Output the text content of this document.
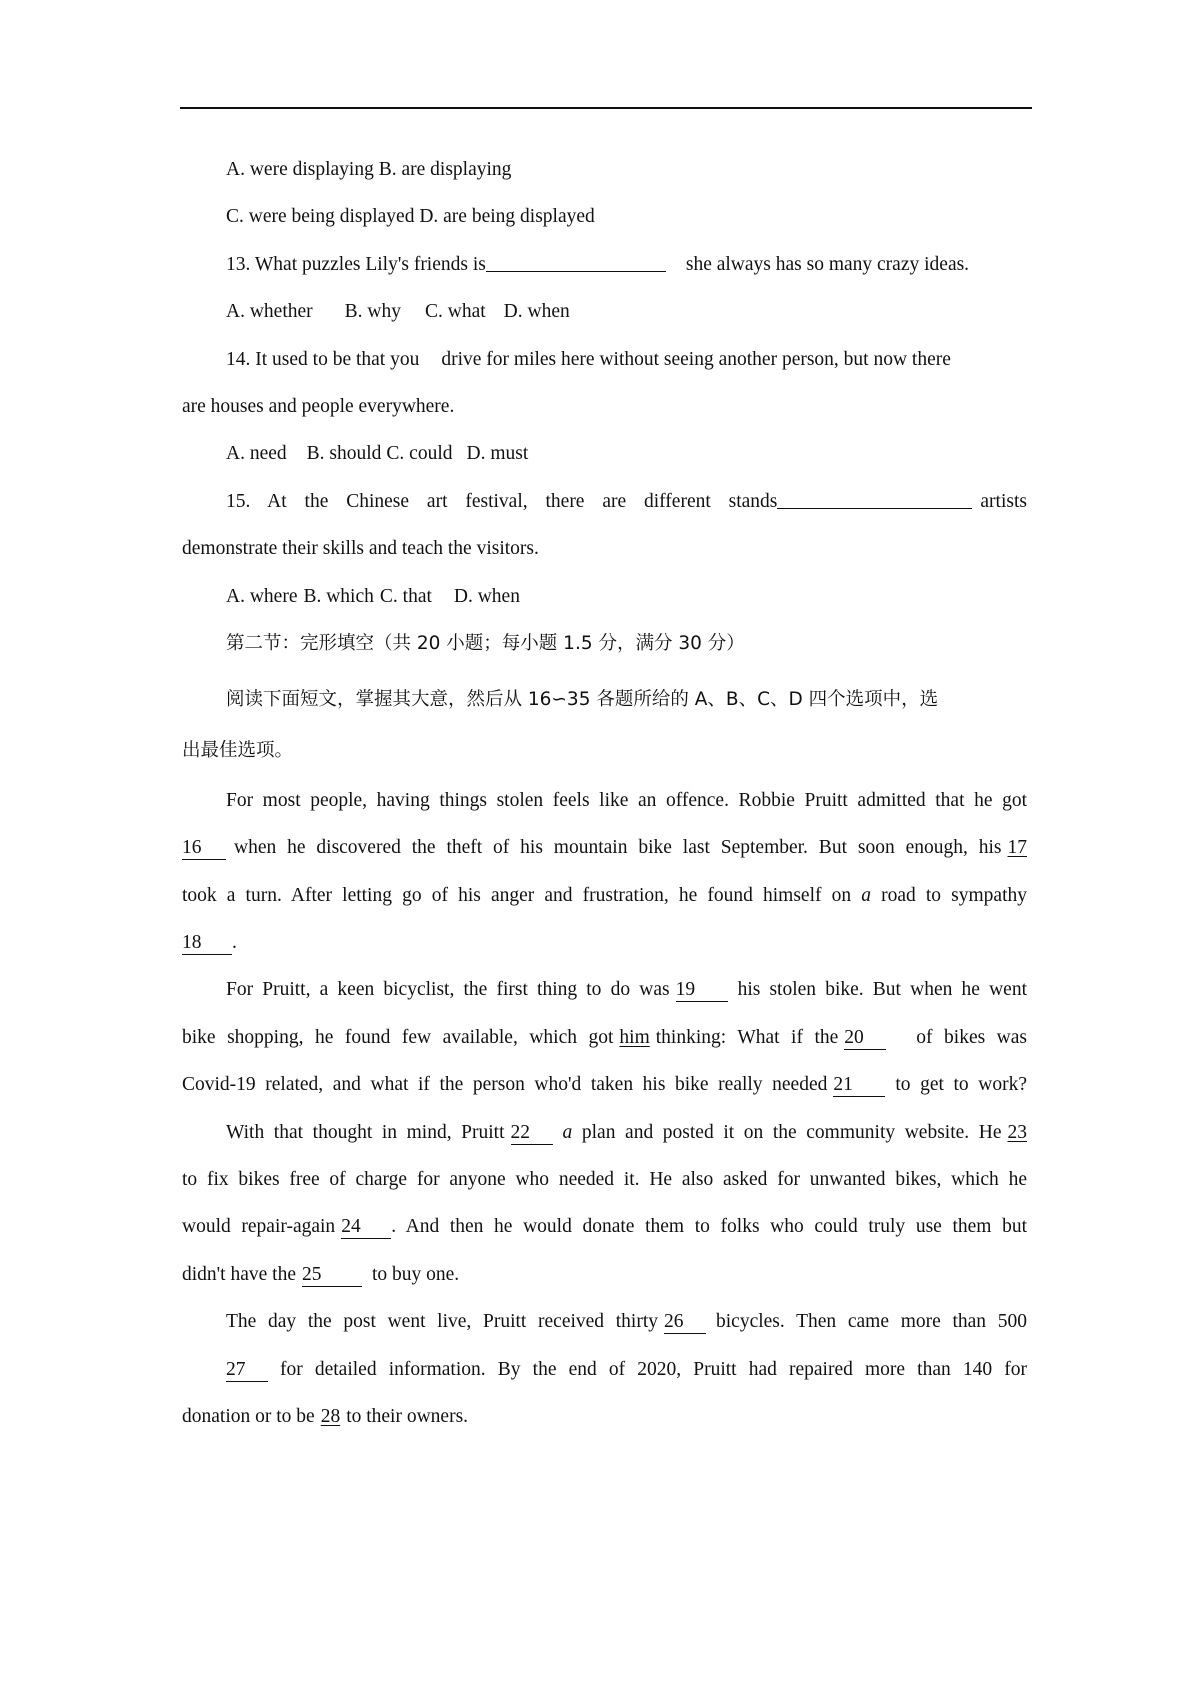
A. were displaying B. are displaying
C. were being displayed D. are being displayed
13. What puzzles Lily's friends is	she always has so many crazy ideas.
A. whether B. why C. what D. when
14. It used to be that you drive for miles here without seeing another person, but now there
are houses and people everywhere.
A. need B. should C. could D. must
15. At the Chinese art festival, there are different stands	artists
demonstrate their skills and teach the visitors.
A. where B. which C. that D. when
第二节：完形填空（共 20 小题；每小题 1.5 分，满分 30 分）
阅读下面短文，掌握其大意，然后从 16∽35 各题所给的 A、B、C、D 四个选项中，选
出最佳选项。
For most people, having things stolen feels like an offence. Robbie Pruitt admitted that he got
16 when he discovered the theft of his mountain bike last September. But soon enough, his 17
took a turn. After letting go of his anger and frustration, he found himself on a road to sympathy
18 .
For Pruitt, a keen bicyclist, the first thing to do was 19 his stolen bike. But when he went
bike shopping, he found few available, which got him thinking: What if the 20	of bikes was
Covid-19 related, and what if the person who'd taken his bike really needed 21 to get to work?
With that thought in mind, Pruitt 22 a plan and posted it on the community website. He 23
to fix bikes free of charge for anyone who needed it. He also asked for unwanted bikes, which he
would repair-again 24 . And then he would donate them to folks who could truly use them but
didn't have the 25	to buy one.
The day the post went live, Pruitt received thirty 26 bicycles. Then came more than 500
27 for detailed information. By the end of 2020, Pruitt had repaired more than 140 for
donation or to be 28 to their owners.
